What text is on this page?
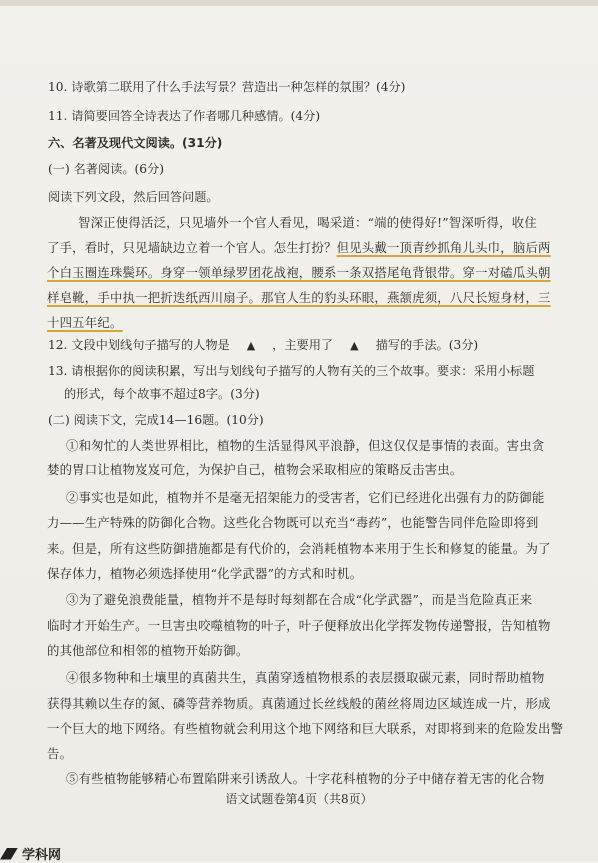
10. 诗歌第二联用了什么手法写景？营造出一种怎样的氛围？(4分)
11. 请简要回答全诗表达了作者哪几种感情。(4分)
六、名著及现代文阅读。(31分)
(一) 名著阅读。(6分)
阅读下列文段，然后回答问题。
智深正使得活泛，只见墙外一个官人看见，喝采道：“端的使得好!”智深听得，收住
了手，看时，只见墙缺边立着一个官人。怎生打扮？但见头戴一顶青纱抓角儿头巾，脑后两
个白玉圈连珠鬓环。身穿一领单绿罗团花战袍，腰系一条双搭尾龟背银带。穿一对磕瓜头朝
样皂靴，手中执一把折迭纸西川扇子。那官人生的豹头环眼，燕颔虎须，八尺长短身材，三
十四五年纪。
12. 文段中划线句子描写的人物是 ▲ ，主要用了 ▲ 描写的手法。(3分)
13. 请根据你的阅读积累，写出与划线句子描写的人物有关的三个故事。要求：采用小标题
的形式，每个故事不超过8字。(3分)
(二) 阅读下文，完成14—16题。(10分)
①和匆忙的人类世界相比，植物的生活显得风平浪静，但这仅仅是事情的表面。害虫贪
婪的胃口让植物岌岌可危，为保护自己，植物会采取相应的策略反击害虫。
②事实也是如此，植物并不是毫无招架能力的受害者，它们已经进化出强有力的防御能
力——生产特殊的防御化合物。这些化合物既可以充当“毒药”，也能警告同伴危险即将到
来。但是，所有这些防御措施都是有代价的，会消耗植物本来用于生长和修复的能量。为了
保存体力，植物必须选择使用“化学武器”的方式和时机。
③为了避免浪费能量，植物并不是每时每刻都在合成“化学武器”，而是当危险真正来
临时才开始生产。一旦害虫咬噬植物的叶子，叶子便释放出化学挥发物传递警报，告知植物
的其他部位和相邻的植物开始防御。
④很多物种和土壤里的真菌共生，真菌穿透植物根系的表层摄取碳元素，同时帮助植物
获得其赖以生存的氮、磷等营养物质。真菌通过长丝线般的菌丝将周边区域连成一片，形成
一个巨大的地下网络。有些植物就会利用这个地下网络和巨大联系，对即将到来的危险发出警
告。
⑤有些植物能够精心布置陷阱来引诱敌人。十字花科植物的分子中储存着无害的化合物
语文试题卷第4页（共8页）
学科网
